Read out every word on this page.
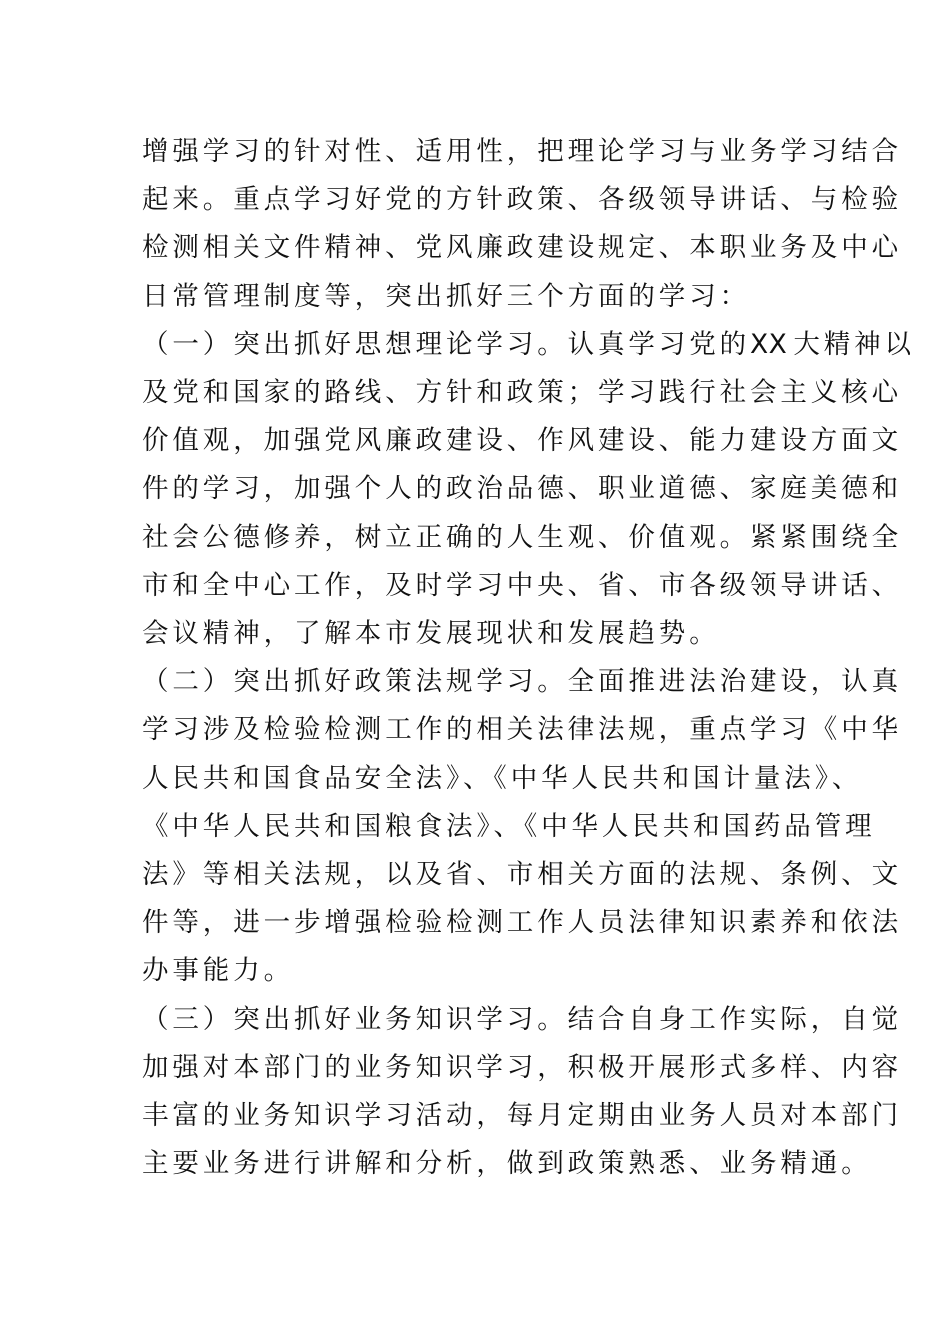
增强学习的针对性、适用性，把理论学习与业务学习结合

起来。重点学习好党的方针政策、各级领导讲话、与检验

检测相关文件精神、党风廉政建设规定、本职业务及中心

日常管理制度等，突出抓好三个方面的学习：

（一）突出抓好思想理论学习。认真学习党的XX 大精神以

及党和国家的路线、方针和政策；学习践行社会主义核心

价值观，加强党风廉政建设、作风建设、能力建设方面文

件的学习，加强个人的政治品德、职业道德、家庭美德和

社会公德修养，树立正确的人生观、价值观。紧紧围绕全

市和全中心工作，及时学习中央、省、市各级领导讲话、

会议精神，了解本市发展现状和发展趋势。

（二）突出抓好政策法规学习。全面推进法治建设，认真

学习涉及检验检测工作的相关法律法规，重点学习《中华

人民共和国食品安全法》、《中华人民共和国计量法》、

《中华人民共和国粮食法》、《中华人民共和国药品管理

法》等相关法规，以及省、市相关方面的法规、条例、文

件等，进一步增强检验检测工作人员法律知识素养和依法

办事能力。

（三）突出抓好业务知识学习。结合自身工作实际，自觉

加强对本部门的业务知识学习，积极开展形式多样、内容

丰富的业务知识学习活动，每月定期由业务人员对本部门

主要业务进行讲解和分析，做到政策熟悉、业务精通。
